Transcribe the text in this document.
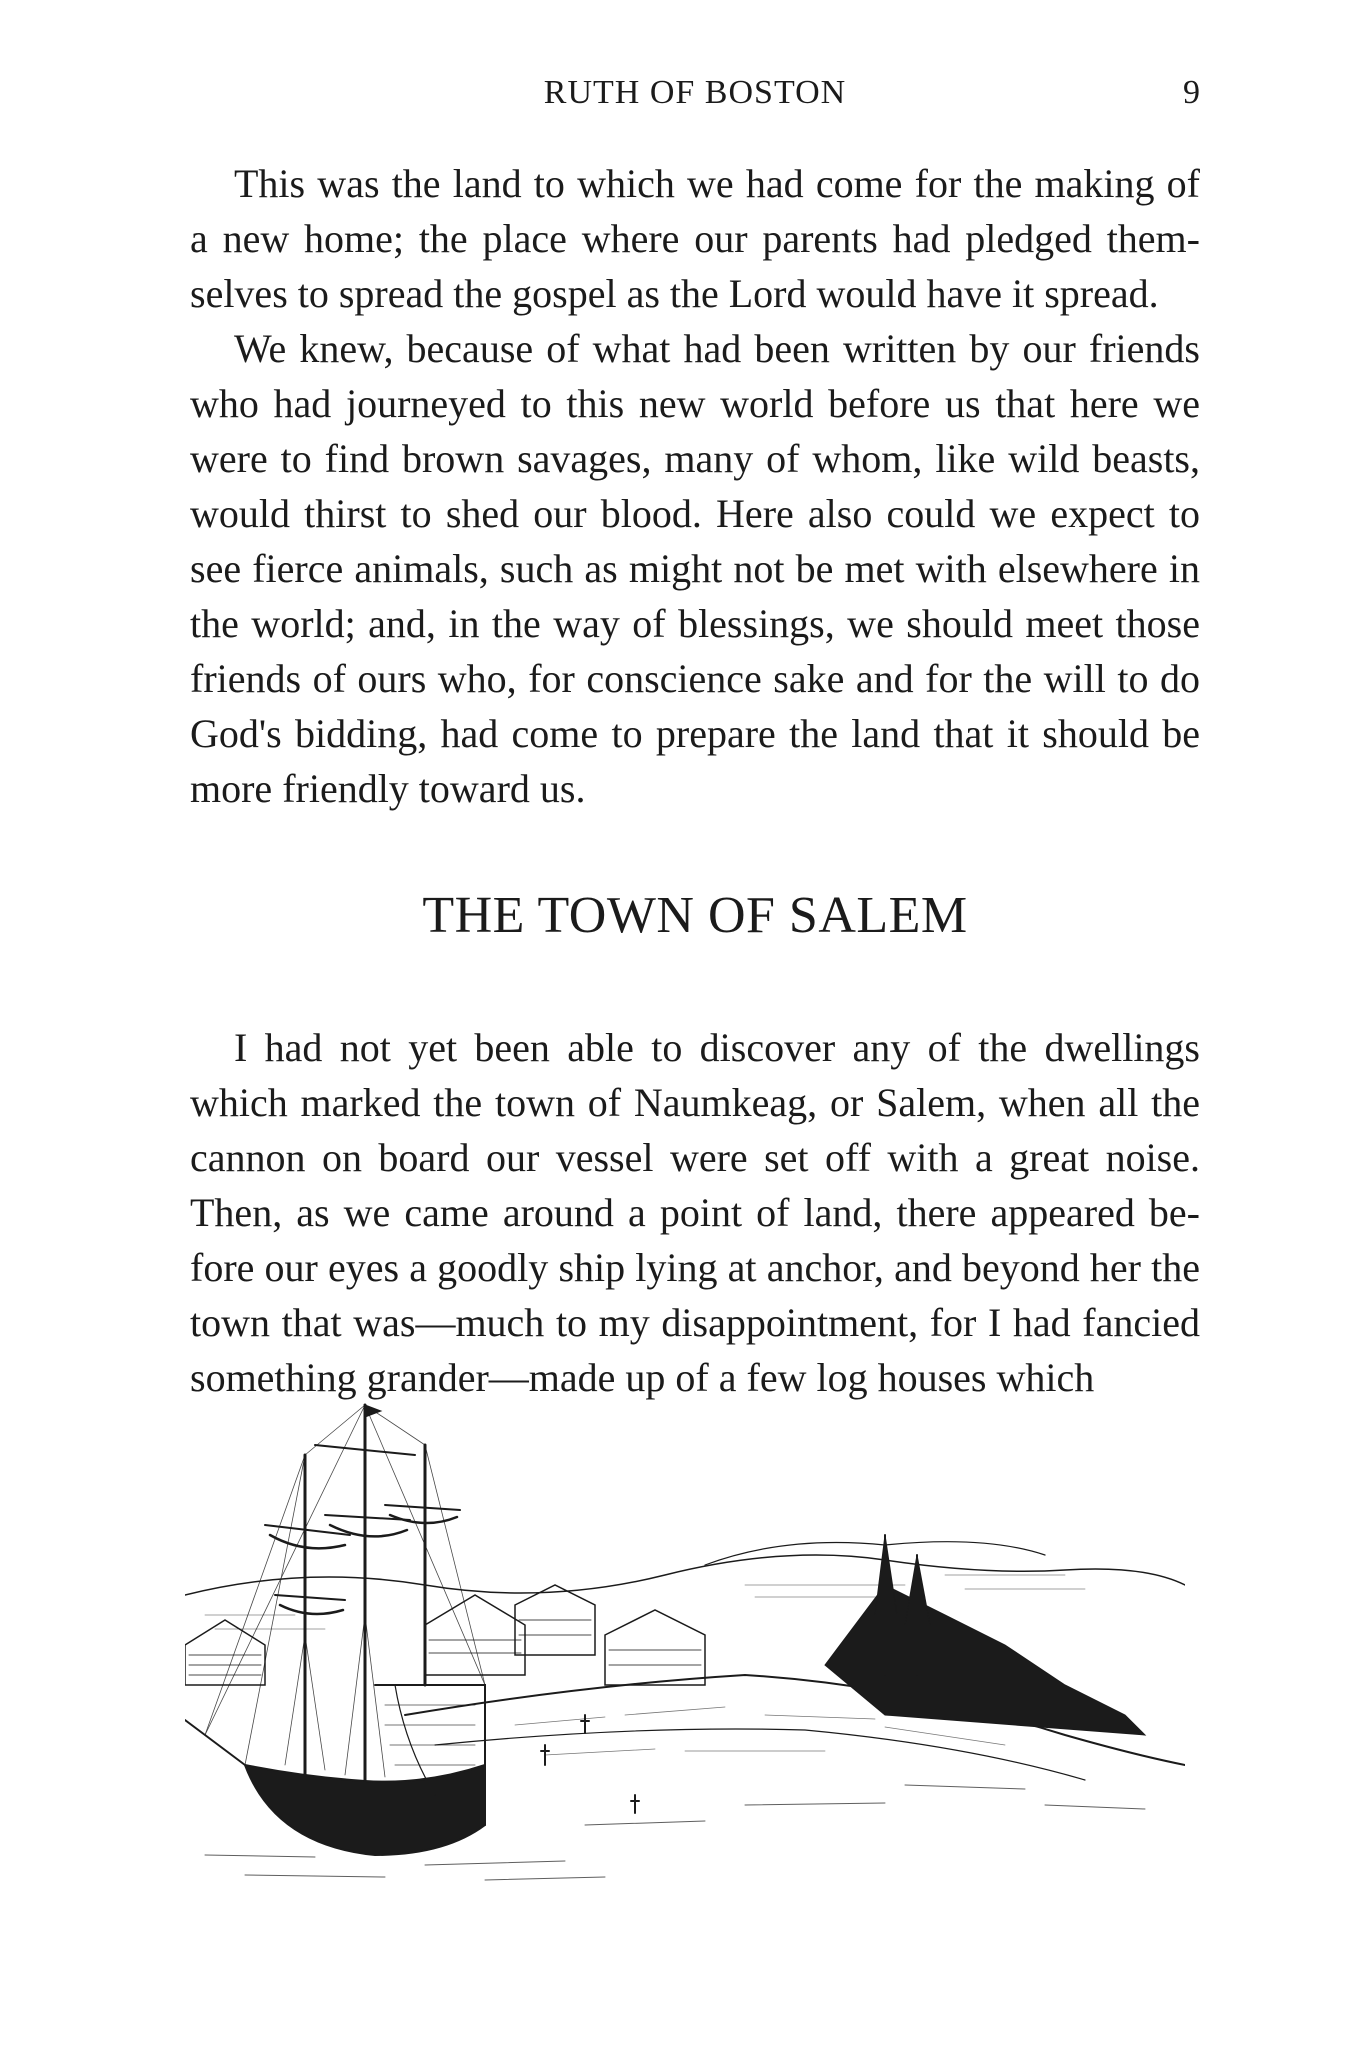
RUTH OF BOSTON	9

This was the land to which we had come for the making of a new home; the place where our parents had pledged themselves to spread the gospel as the Lord would have it spread.

We knew, because of what had been written by our friends who had journeyed to this new world before us that here we were to find brown savages, many of whom, like wild beasts, would thirst to shed our blood. Here also could we expect to see fierce animals, such as might not be met with elsewhere in the world; and, in the way of blessings, we should meet those friends of ours who, for conscience sake and for the will to do God's bidding, had come to prepare the land that it should be more friendly toward us.

THE TOWN OF SALEM

I had not yet been able to discover any of the dwellings which marked the town of Naumkeag, or Salem, when all the cannon on board our vessel were set off with a great noise. Then, as we came around a point of land, there appeared before our eyes a goodly ship lying at anchor, and beyond her the town that was—much to my disappointment, for I had fancied something grander—made up of a few log houses which
